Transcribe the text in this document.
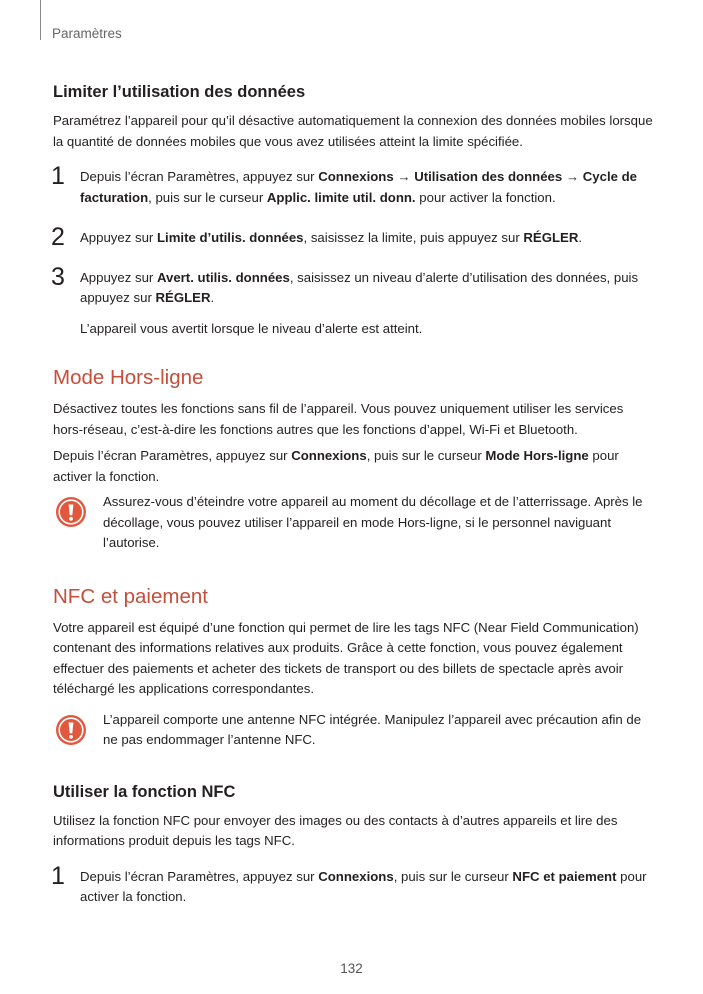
Paramètres
Limiter l’utilisation des données

Paramétrez l’appareil pour qu’il désactive automatiquement la connexion des données mobiles lorsque la quantité de données mobiles que vous avez utilisées atteint la limite spécifiée.

1 Depuis l’écran Paramètres, appuyez sur Connexions → Utilisation des données → Cycle de facturation, puis sur le curseur Applic. limite util. donn. pour activer la fonction.
2 Appuyez sur Limite d’utilis. données, saisissez la limite, puis appuyez sur RÉGLER.
3 Appuyez sur Avert. utilis. données, saisissez un niveau d’alerte d’utilisation des données, puis appuyez sur RÉGLER.
L’appareil vous avertit lorsque le niveau d’alerte est atteint.
Mode Hors-ligne

Désactivez toutes les fonctions sans fil de l’appareil. Vous pouvez uniquement utiliser les services hors-réseau, c’est-à-dire les fonctions autres que les fonctions d’appel, Wi-Fi et Bluetooth.

Depuis l’écran Paramètres, appuyez sur Connexions, puis sur le curseur Mode Hors-ligne pour activer la fonction.

Assurez-vous d’éteindre votre appareil au moment du décollage et de l’atterrissage. Après le décollage, vous pouvez utiliser l’appareil en mode Hors-ligne, si le personnel naviguant l’autorise.
NFC et paiement

Votre appareil est équipé d’une fonction qui permet de lire les tags NFC (Near Field Communication) contenant des informations relatives aux produits. Grâce à cette fonction, vous pouvez également effectuer des paiements et acheter des tickets de transport ou des billets de spectacle après avoir téléchargé les applications correspondantes.

L’appareil comporte une antenne NFC intégrée. Manipulez l’appareil avec précaution afin de ne pas endommager l’antenne NFC.
Utiliser la fonction NFC

Utilisez la fonction NFC pour envoyer des images ou des contacts à d’autres appareils et lire des informations produit depuis les tags NFC.

1 Depuis l’écran Paramètres, appuyez sur Connexions, puis sur le curseur NFC et paiement pour activer la fonction.
132
